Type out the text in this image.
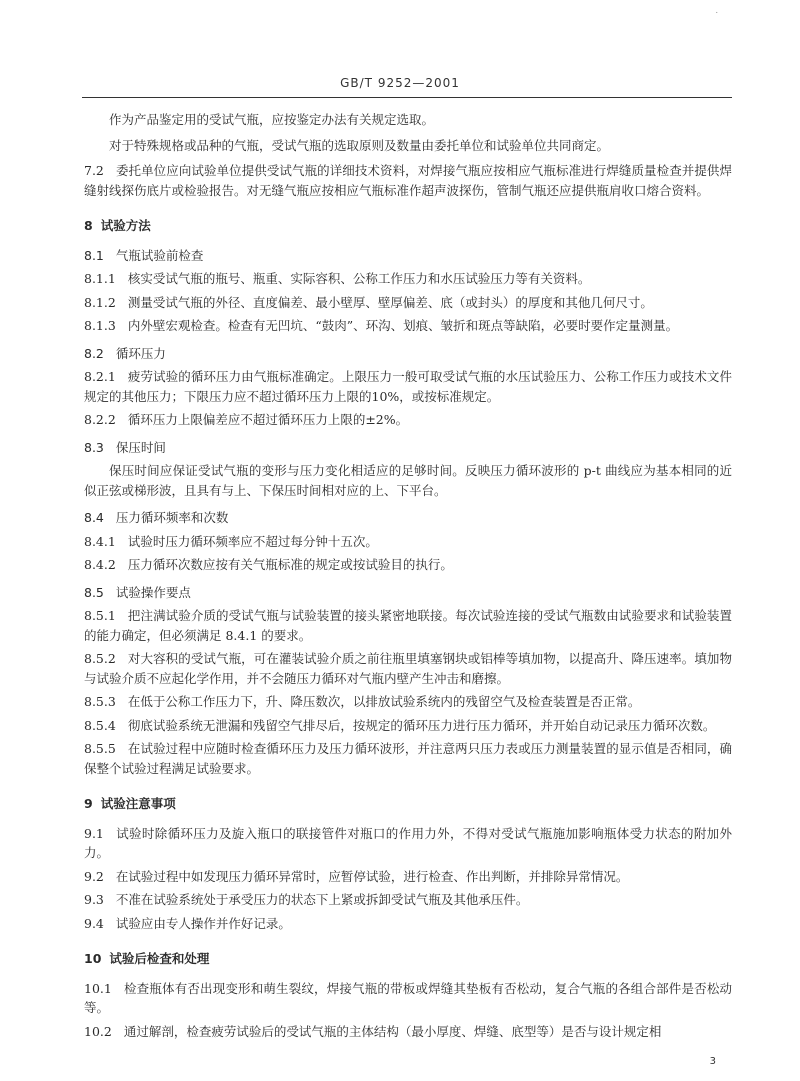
.
GB/T 9252—2001
作为产品鉴定用的受试气瓶，应按鉴定办法有关规定选取。
对于特殊规格或品种的气瓶，受试气瓶的选取原则及数量由委托单位和试验单位共同商定。
7.2 委托单位应向试验单位提供受试气瓶的详细技术资料，对焊接气瓶应按相应气瓶标准进行焊缝质量检查并提供焊缝射线探伤底片或检验报告。对无缝气瓶应按相应气瓶标准作超声波探伤，管制气瓶还应提供瓶肩收口熔合资料。
8 试验方法
8.1 气瓶试验前检查
8.1.1 核实受试气瓶的瓶号、瓶重、实际容积、公称工作压力和水压试验压力等有关资料。
8.1.2 测量受试气瓶的外径、直度偏差、最小壁厚、壁厚偏差、底（或封头）的厚度和其他几何尺寸。
8.1.3 内外壁宏观检查。检查有无凹坑、“鼓肉”、环沟、划痕、皱折和斑点等缺陷，必要时要作定量测量。
8.2 循环压力
8.2.1 疲劳试验的循环压力由气瓶标准确定。上限压力一般可取受试气瓶的水压试验压力、公称工作压力或技术文件规定的其他压力；下限压力应不超过循环压力上限的10%，或按标准规定。
8.2.2 循环压力上限偏差应不超过循环压力上限的±2%。
8.3 保压时间
保压时间应保证受试气瓶的变形与压力变化相适应的足够时间。反映压力循环波形的 p-t 曲线应为基本相同的近似正弦或梯形波，且具有与上、下保压时间相对应的上、下平台。
8.4 压力循环频率和次数
8.4.1 试验时压力循环频率应不超过每分钟十五次。
8.4.2 压力循环次数应按有关气瓶标准的规定或按试验目的执行。
8.5 试验操作要点
8.5.1 把注满试验介质的受试气瓶与试验装置的接头紧密地联接。每次试验连接的受试气瓶数由试验要求和试验装置的能力确定，但必须满足 8.4.1 的要求。
8.5.2 对大容积的受试气瓶，可在灌装试验介质之前往瓶里填塞钢块或铝棒等填加物，以提高升、降压速率。填加物与试验介质不应起化学作用，并不会随压力循环对气瓶内壁产生冲击和磨擦。
8.5.3 在低于公称工作压力下，升、降压数次，以排放试验系统内的残留空气及检查装置是否正常。
8.5.4 彻底试验系统无泄漏和残留空气排尽后，按规定的循环压力进行压力循环，并开始自动记录压力循环次数。
8.5.5 在试验过程中应随时检查循环压力及压力循环波形，并注意两只压力表或压力测量装置的显示值是否相同，确保整个试验过程满足试验要求。
9 试验注意事项
9.1 试验时除循环压力及旋入瓶口的联接管件对瓶口的作用力外，不得对受试气瓶施加影响瓶体受力状态的附加外力。
9.2 在试验过程中如发现压力循环异常时，应暂停试验，进行检查、作出判断，并排除异常情况。
9.3 不准在试验系统处于承受压力的状态下上紧或拆卸受试气瓶及其他承压件。
9.4 试验应由专人操作并作好记录。
10 试验后检查和处理
10.1 检查瓶体有否出现变形和萌生裂纹，焊接气瓶的带板或焊缝其垫板有否松动，复合气瓶的各组合部件是否松动等。
10.2 通过解剖，检查疲劳试验后的受试气瓶的主体结构（最小厚度、焊缝、底型等）是否与设计规定相
3
